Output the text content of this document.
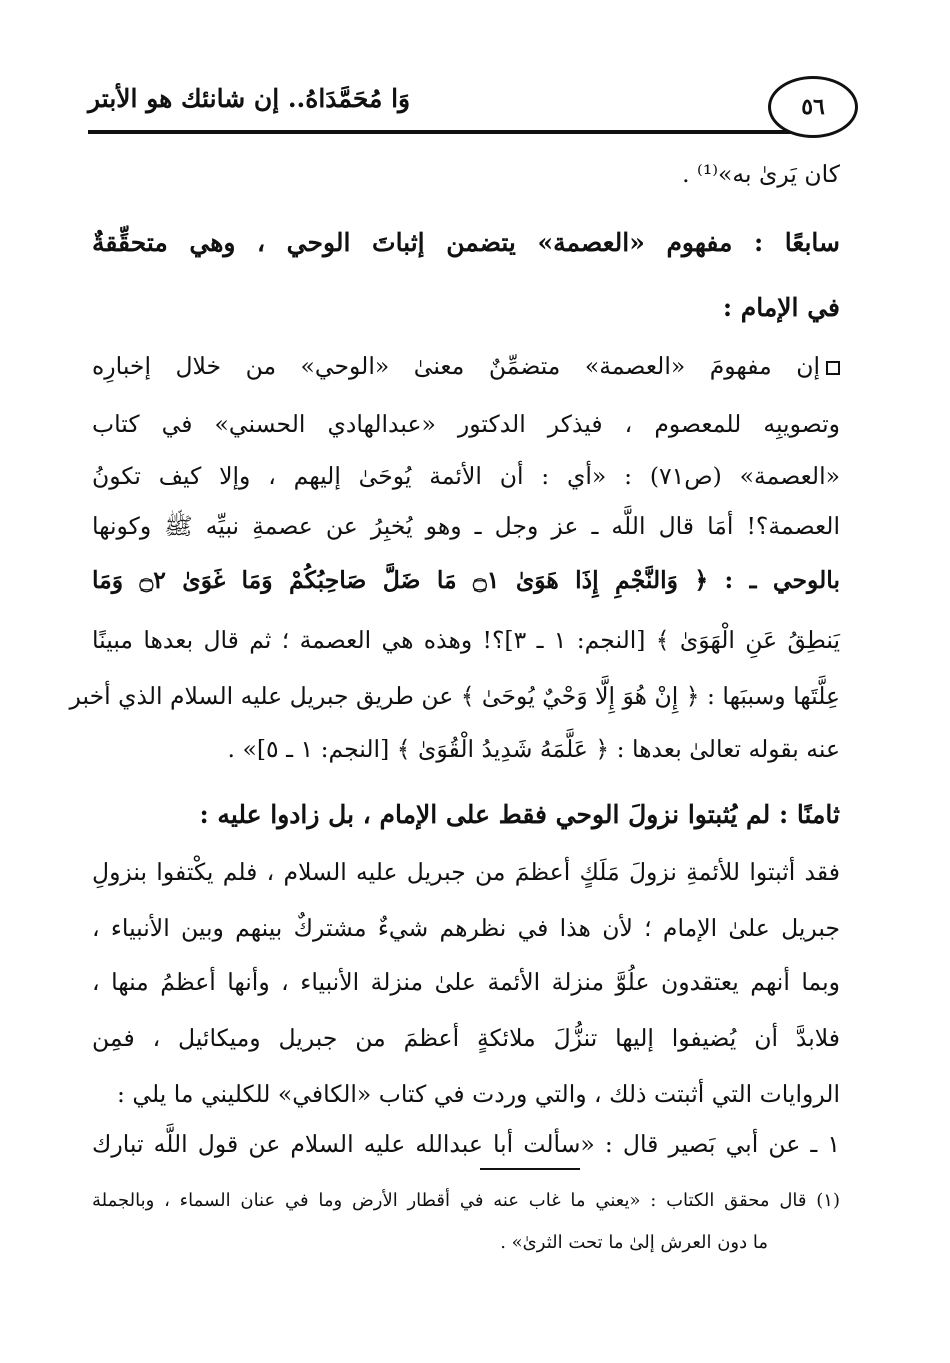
٥٦
وَا مُحَمَّدَاهُ.. إن شانئك هو الأبتر
كان يَرىٰ به»⁽¹⁾ .
سابعًا : مفهوم «العصمة» يتضمن إثباتَ الوحي ، وهي متحقِّقةٌ
في الإمام :
إن مفهومَ «العصمة» متضمِّنٌ معنىٰ «الوحي» من خلال إخبارِه
وتصويبِه للمعصوم ، فيذكر الدكتور «عبدالهادي الحسني» في كتاب
«العصمة» (ص٧١) : «أي : أن الأئمة يُوحَىٰ إليهم ، وإلا كيف تكونُ
العصمة؟! أمَا قال اللَّه ـ عز وجل ـ وهو يُخبِرُ عن عصمةِ نبيِّه ﷺ وكونها
بالوحي ـ : ﴿ وَالنَّجْمِ إِذَا هَوَىٰ ۝١ مَا ضَلَّ صَاحِبُكُمْ وَمَا غَوَىٰ ۝٢ وَمَا
يَنطِقُ عَنِ الْهَوَىٰ ﴾ [النجم: ١ ـ ٣]؟! وهذه هي العصمة ؛ ثم قال بعدها مبينًا
عِلَّتَها وسببَها : ﴿ إِنْ هُوَ إِلَّا وَحْيٌ يُوحَىٰ ﴾ عن طريق جبريل عليه السلام الذي أخبر
عنه بقوله تعالىٰ بعدها : ﴿ عَلَّمَهُ شَدِيدُ الْقُوَىٰ ﴾ [النجم: ١ ـ ٥]» .
ثامنًا : لم يُثبتوا نزولَ الوحي فقط على الإمام ، بل زادوا عليه :
فقد أثبتوا للأئمةِ نزولَ مَلَكٍ أعظمَ من جبريل عليه السلام ، فلم يكْتفوا بنزولِ
جبريل علىٰ الإمام ؛ لأن هذا في نظرهم شيءٌ مشتركٌ بينهم وبين الأنبياء ،
وبما أنهم يعتقدون علُوَّ منزلة الأئمة علىٰ منزلة الأنبياء ، وأنها أعظمُ منها ،
فلابدَّ أن يُضيفوا إليها تنزُّلَ ملائكةٍ أعظمَ من جبريل وميكائيل ، فمِن
الروايات التي أثبتت ذلك ، والتي وردت في كتاب «الكافي» للكليني ما يلي :
١ ـ عن أبي بَصير قال : «سألت أبا عبدالله عليه السلام عن قول اللَّه تبارك
(١) قال محقق الكتاب : «يعني ما غاب عنه في أقطار الأرض وما في عنان السماء ، وبالجملة
ما دون العرش إلىٰ ما تحت الثرىٰ» .
